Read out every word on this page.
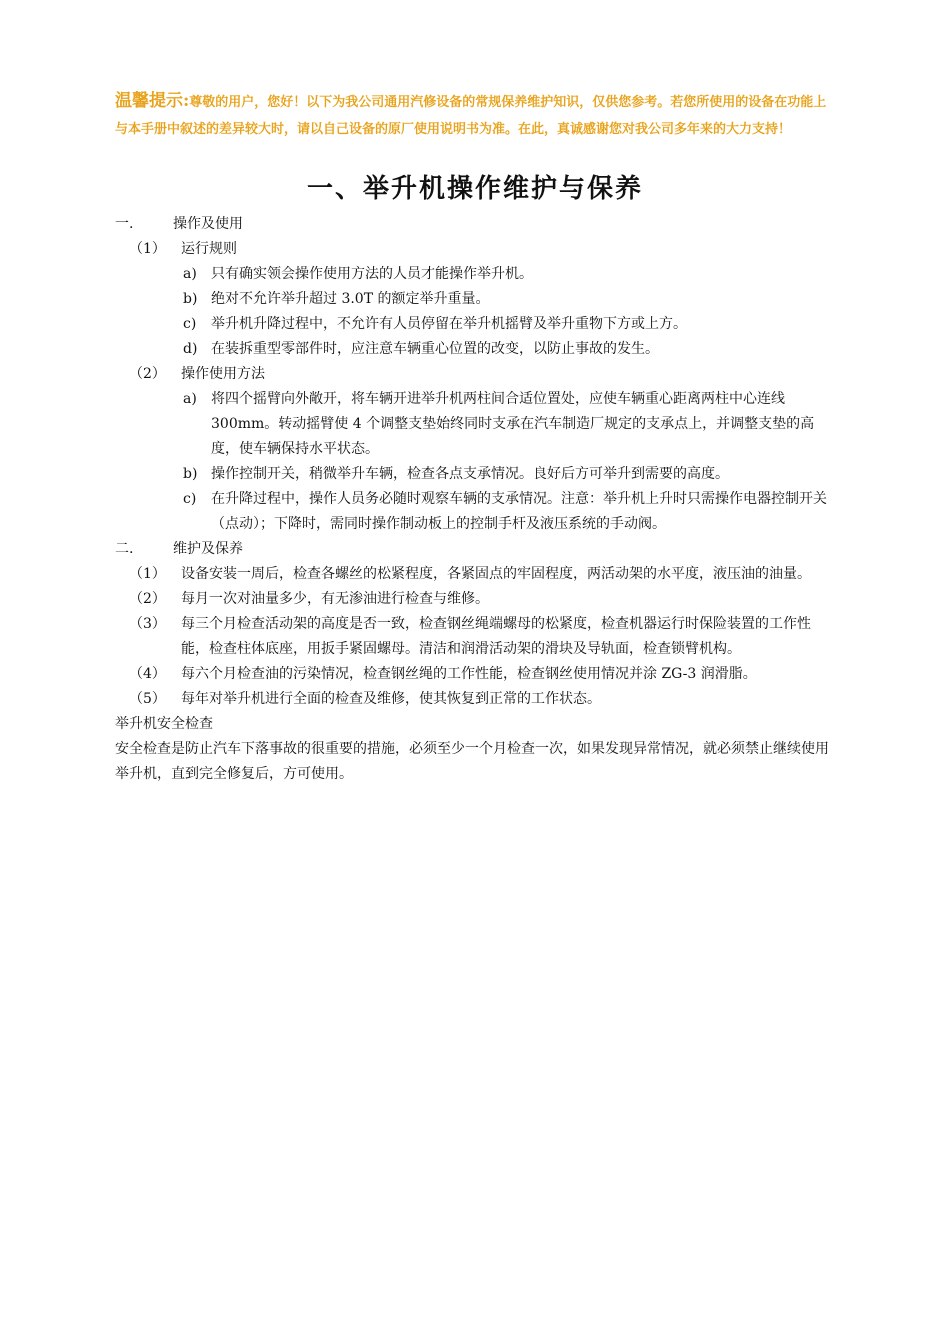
温馨提示:尊敬的用户，您好！以下为我公司通用汽修设备的常规保养维护知识，仅供您参考。若您所使用的设备在功能上与本手册中叙述的差异较大时，请以自己设备的原厂使用说明书为准。在此，真诚感谢您对我公司多年来的大力支持！
一、举升机操作维护与保养
一.	操作及使用
（1） 运行规则
a) 只有确实领会操作使用方法的人员才能操作举升机。
b) 绝对不允许举升超过 3.0T 的额定举升重量。
c) 举升机升降过程中，不允许有人员停留在举升机摇臂及举升重物下方或上方。
d) 在装拆重型零部件时，应注意车辆重心位置的改变，以防止事故的发生。
（2） 操作使用方法
a) 将四个摇臂向外敞开，将车辆开进举升机两柱间合适位置处，应使车辆重心距离两柱中心连线 300mm。转动摇臂使 4 个调整支垫始终同时支承在汽车制造厂规定的支承点上，并调整支垫的高度，使车辆保持水平状态。
b) 操作控制开关，稍微举升车辆，检查各点支承情况。良好后方可举升到需要的高度。
c) 在升降过程中，操作人员务必随时观察车辆的支承情况。注意：举升机上升时只需操作电器控制开关（点动）；下降时，需同时操作制动板上的控制手杆及液压系统的手动阀。
二.	维护及保养
（1） 设备安装一周后，检查各螺丝的松紧程度，各紧固点的牢固程度，两活动架的水平度，液压油的油量。
（2） 每月一次对油量多少，有无渗油进行检查与维修。
（3） 每三个月检查活动架的高度是否一致，检查钢丝绳端螺母的松紧度，检查机器运行时保险装置的工作性能，检查柱体底座，用扳手紧固螺母。清洁和润滑活动架的滑块及导轨面，检查锁臂机构。
（4） 每六个月检查油的污染情况，检查钢丝绳的工作性能，检查钢丝使用情况并涂 ZG-3 润滑脂。
（5） 每年对举升机进行全面的检查及维修，使其恢复到正常的工作状态。
举升机安全检查
安全检查是防止汽车下落事故的很重要的措施，必须至少一个月检查一次，如果发现异常情况，就必须禁止继续使用举升机，直到完全修复后，方可使用。
